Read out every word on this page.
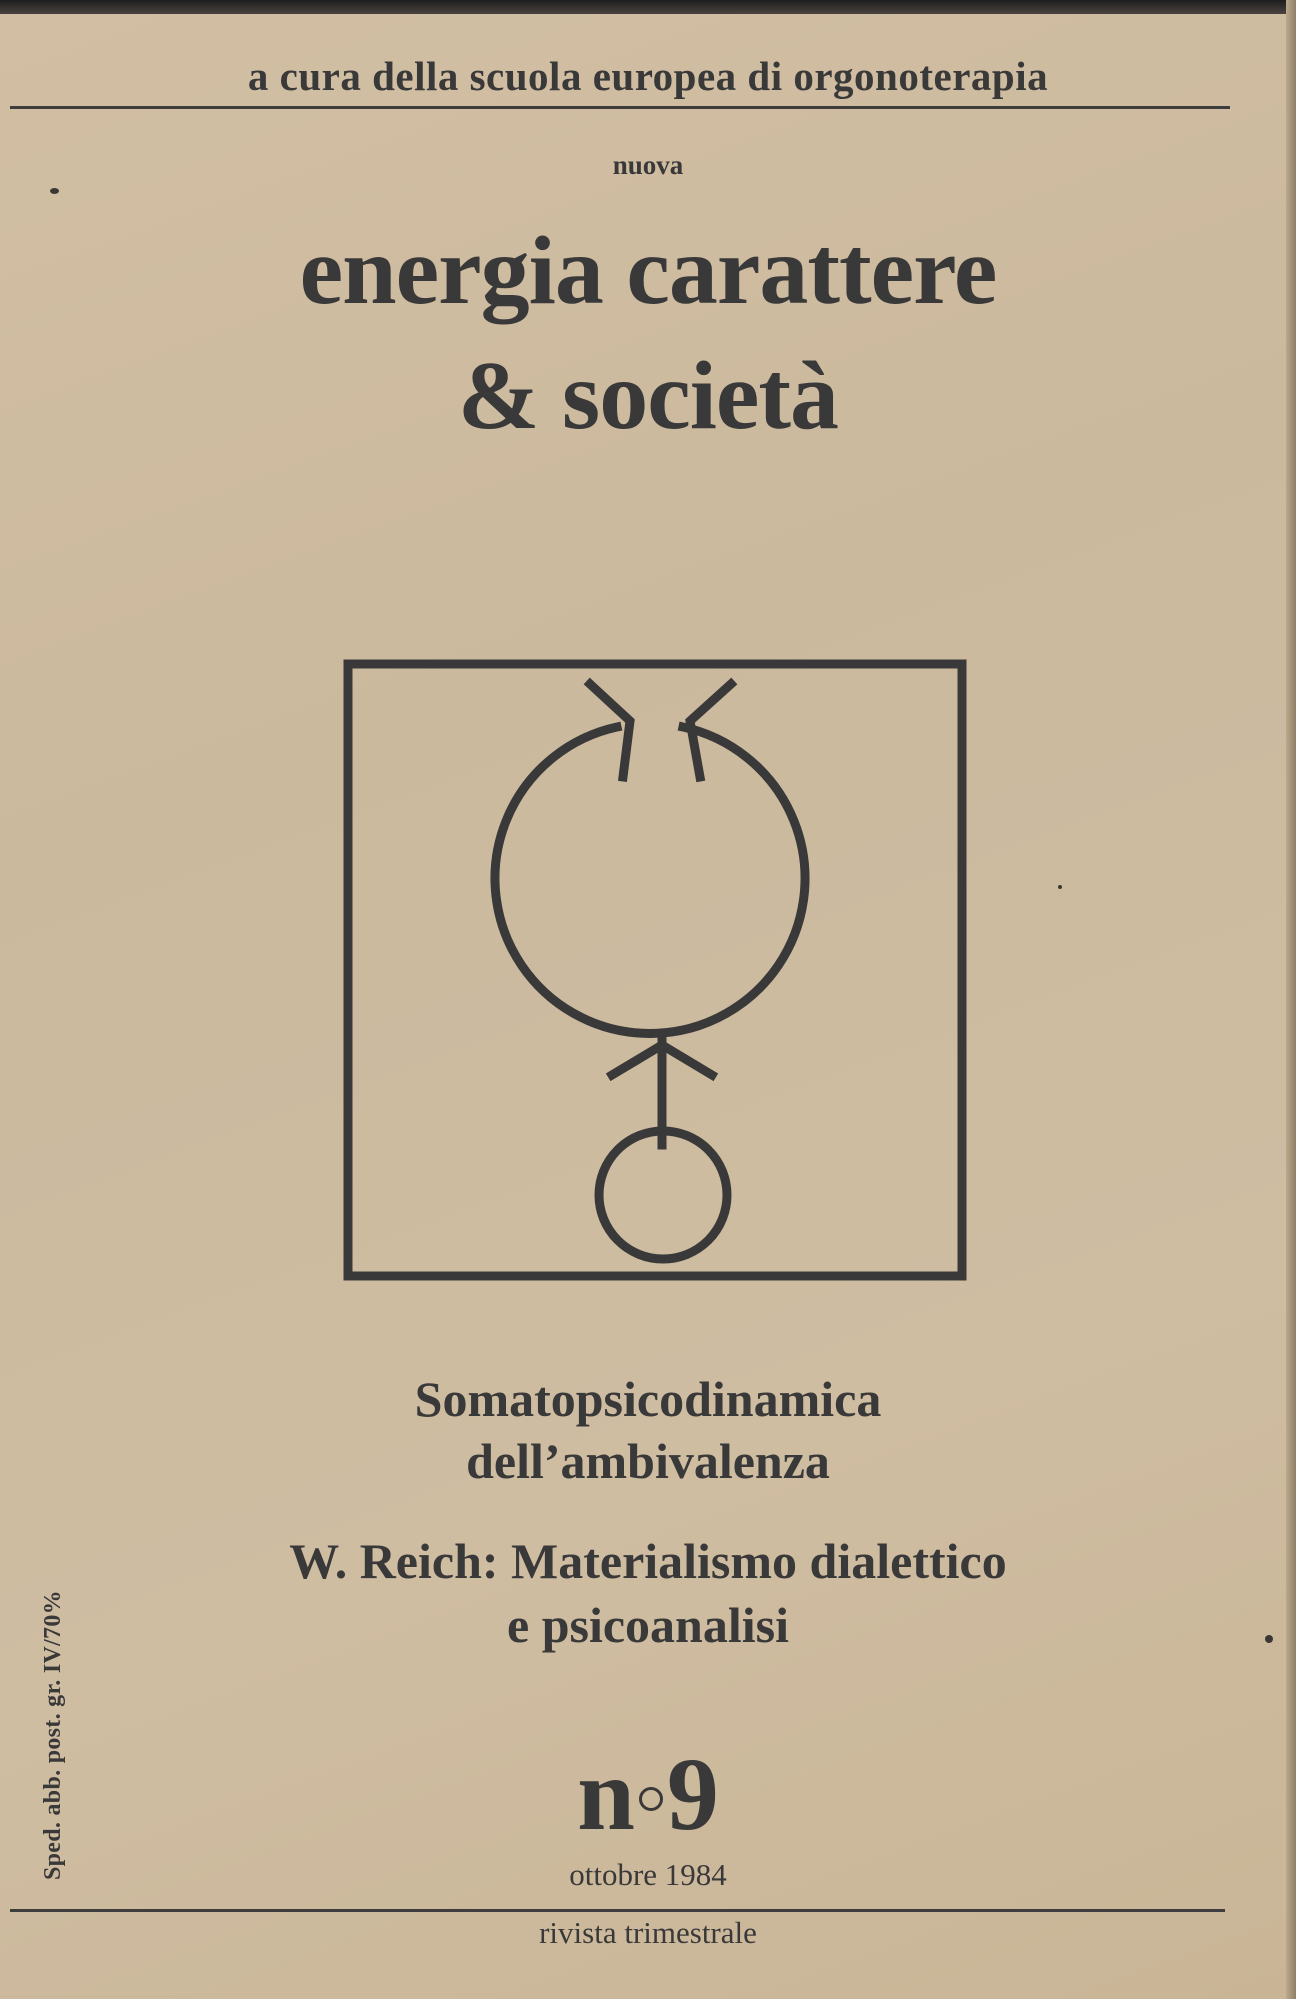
a cura della scuola europea di orgonoterapia
nuova
energia carattere
& società
Somatopsicodinamica
dell’ambivalenza
W. Reich: Materialismo dialettico
e psicoanalisi
n 9
ottobre 1984
rivista trimestrale
Sped. abb. post. gr. IV/70%
